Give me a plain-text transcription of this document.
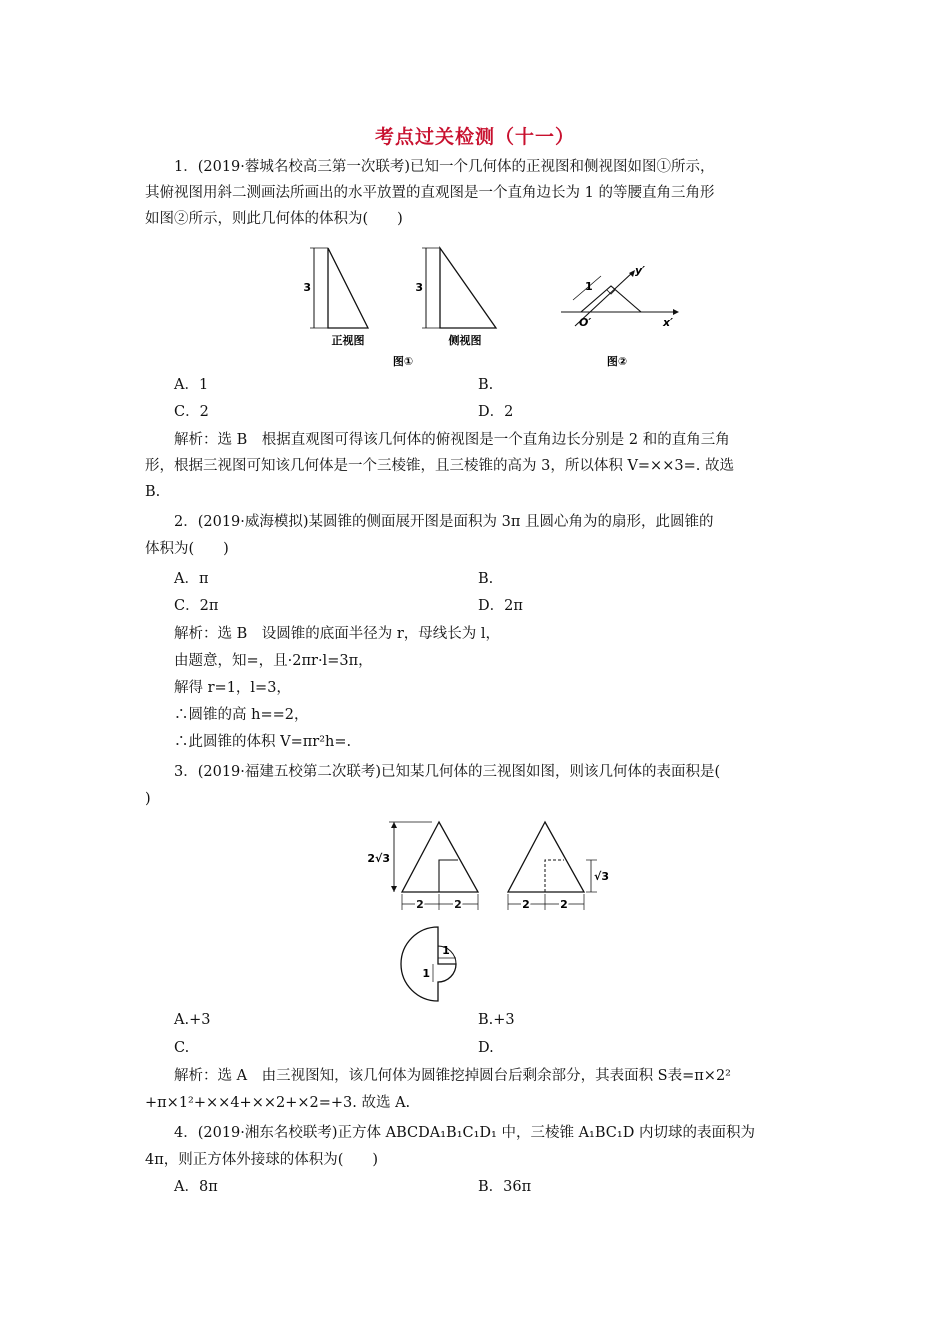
考点过关检测（十一）
1．(2019·蓉城名校高三第一次联考)已知一个几何体的正视图和侧视图如图①所示，
其俯视图用斜二测画法所画出的水平放置的直观图是一个直角边长为 1 的等腰直角三角形
如图②所示，则此几何体的体积为(　　)
3
正视图
3
侧视图
图①
1
O′	x′
y′
图②
A．1	B.
C．2	D．2
解析：选 B　根据直观图可得该几何体的俯视图是一个直角边长分别是 2 和的直角三角
形，根据三视图可知该几何体是一个三棱锥，且三棱锥的高为 3，所以体积 V=××3=. 故选
B.
2．(2019·威海模拟)某圆锥的侧面展开图是面积为 3π 且圆心角为的扇形，此圆锥的
体积为(　　)
A．π	B.
C．2π	D．2π
解析：选 B　设圆锥的底面半径为 r，母线长为 l，
由题意，知=，且·2πr·l=3π，
解得 r=1，l=3，
∴圆锥的高 h==2，
∴此圆锥的体积 V=πr²h=.
3．(2019·福建五校第二次联考)已知某几何体的三视图如图，则该几何体的表面积是(
)
2√3
2	2
√3
2	2
1
1
A.+3	B.+3
C.	D.
解析：选 A　由三视图知，该几何体为圆锥挖掉圆台后剩余部分，其表面积 S表=π×2²
+π×1²+××4+××2+×2=+3. 故选 A.
4．(2019·湘东名校联考)正方体 ABCDA₁B₁C₁D₁ 中，三棱锥 A₁BC₁D 内切球的表面积为
4π，则正方体外接球的体积为(　　)
A．8π	B．36π
